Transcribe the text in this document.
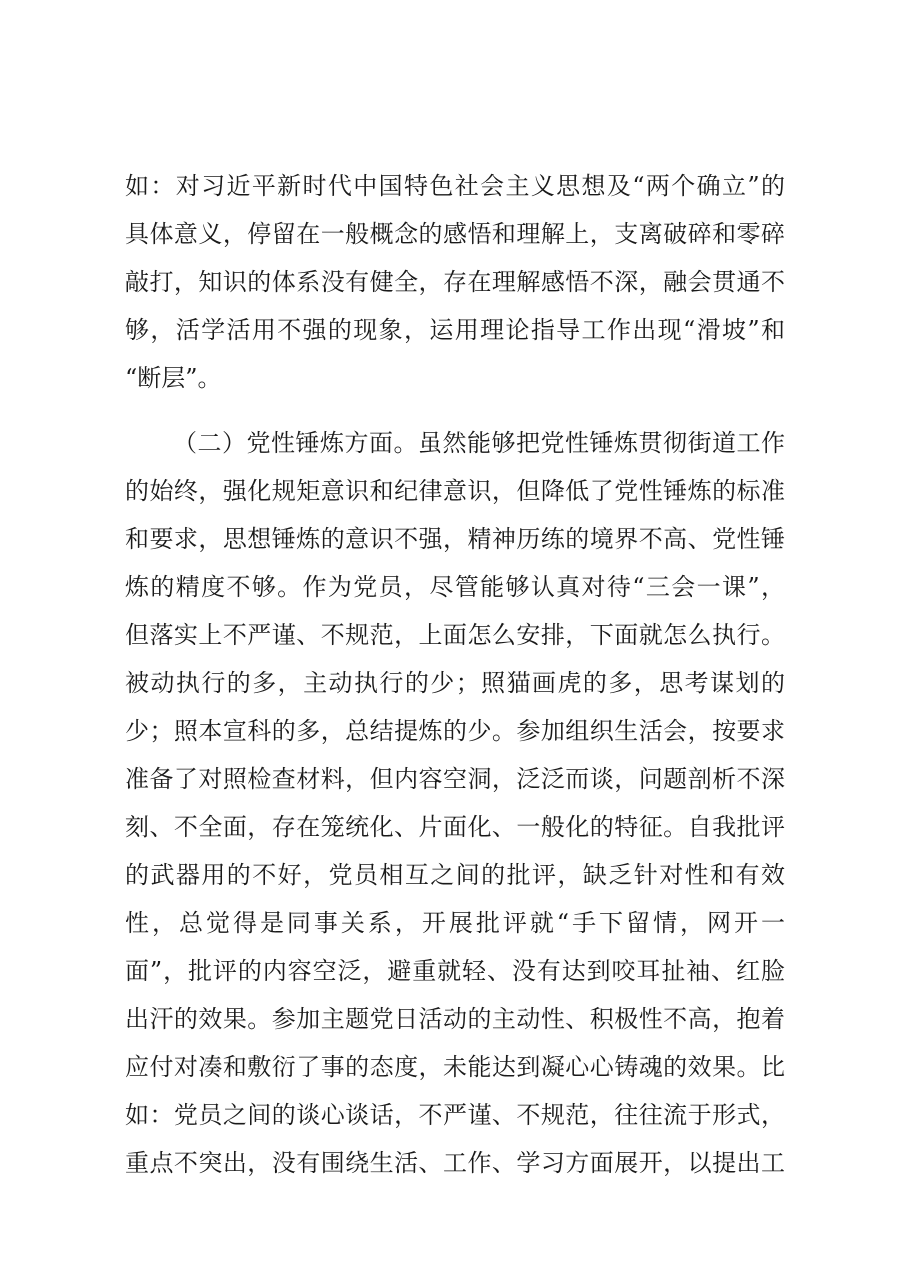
如：对习近平新时代中国特色社会主义思想及“两个确立”的
具体意义，停留在一般概念的感悟和理解上，支离破碎和零碎
敲打，知识的体系没有健全，存在理解感悟不深，融会贯通不
够，活学活用不强的现象，运用理论指导工作出现“滑坡”和
“断层”。
（二）党性锤炼方面。虽然能够把党性锤炼贯彻街道工作
的始终，强化规矩意识和纪律意识，但降低了党性锤炼的标准
和要求，思想锤炼的意识不强，精神历练的境界不高、党性锤
炼的精度不够。作为党员，尽管能够认真对待“三会一课”，
但落实上不严谨、不规范，上面怎么安排，下面就怎么执行。
被动执行的多，主动执行的少；照猫画虎的多，思考谋划的
少；照本宣科的多，总结提炼的少。参加组织生活会，按要求
准备了对照检查材料，但内容空洞，泛泛而谈，问题剖析不深
刻、不全面，存在笼统化、片面化、一般化的特征。自我批评
的武器用的不好，党员相互之间的批评，缺乏针对性和有效
性，总觉得是同事关系，开展批评就“手下留情，网开一
面”，批评的内容空泛，避重就轻、没有达到咬耳扯袖、红脸
出汗的效果。参加主题党日活动的主动性、积极性不高，抱着
应付对凑和敷衍了事的态度，未能达到凝心心铸魂的效果。比
如：党员之间的谈心谈话，不严谨、不规范，往往流于形式，
重点不突出，没有围绕生活、工作、学习方面展开，以提出工
